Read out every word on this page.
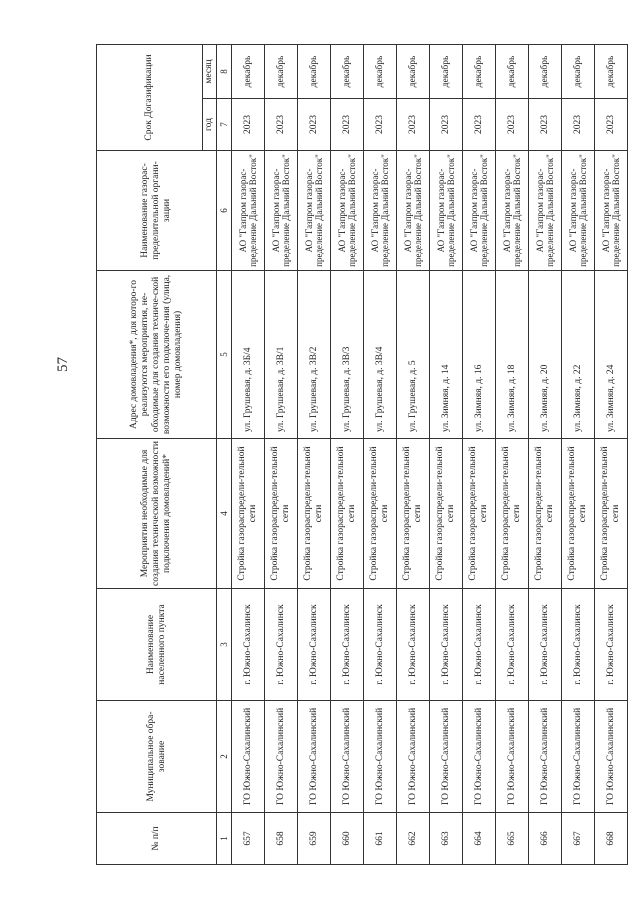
57
№ п/п	Муниципальное обра-зование	Наименование населенного пункта	Мероприятия необходимые для создания технической возможности подключения домовладений*	Адрес домовладения*, для которо-го реализуются мероприятия, не-обходимые для создания техниче-ской возможности его подключе-ния (улица, номер домовладения)	Наименование газорас-пределительной органи-зации	Срок Догазификации	
						год	месяц
1	2	3	4	5	6	7	8
657	ГО Южно-Сахалинский	г. Южно-Сахалинск	Стройка газораспредели-тельной сети	ул. Грушевая, д. 3Б/4	АО "Газпром газорас-пределение Дальний Восток"	2023	декабрь
658	ГО Южно-Сахалинский	г. Южно-Сахалинск	Стройка газораспредели-тельной сети	ул. Грушевая, д. 3В/1	АО "Газпром газорас-пределение Дальний Восток"	2023	декабрь
659	ГО Южно-Сахалинский	г. Южно-Сахалинск	Стройка газораспредели-тельной сети	ул. Грушевая, д. 3В/2	АО "Газпром газорас-пределение Дальний Восток"	2023	декабрь
660	ГО Южно-Сахалинский	г. Южно-Сахалинск	Стройка газораспредели-тельной сети	ул. Грушевая, д. 3В/3	АО "Газпром газорас-пределение Дальний Восток"	2023	декабрь
661	ГО Южно-Сахалинский	г. Южно-Сахалинск	Стройка газораспредели-тельной сети	ул. Грушевая, д. 3В/4	АО "Газпром газорас-пределение Дальний Восток"	2023	декабрь
662	ГО Южно-Сахалинский	г. Южно-Сахалинск	Стройка газораспредели-тельной сети	ул. Грушевая, д. 5	АО "Газпром газорас-пределение Дальний Восток"	2023	декабрь
663	ГО Южно-Сахалинский	г. Южно-Сахалинск	Стройка газораспредели-тельной сети	ул. Зимняя, д. 14	АО "Газпром газорас-пределение Дальний Восток"	2023	декабрь
664	ГО Южно-Сахалинский	г. Южно-Сахалинск	Стройка газораспредели-тельной сети	ул. Зимняя, д. 16	АО "Газпром газорас-пределение Дальний Восток"	2023	декабрь
665	ГО Южно-Сахалинский	г. Южно-Сахалинск	Стройка газораспредели-тельной сети	ул. Зимняя, д. 18	АО "Газпром газорас-пределение Дальний Восток"	2023	декабрь
666	ГО Южно-Сахалинский	г. Южно-Сахалинск	Стройка газораспредели-тельной сети	ул. Зимняя, д. 20	АО "Газпром газорас-пределение Дальний Восток"	2023	декабрь
667	ГО Южно-Сахалинский	г. Южно-Сахалинск	Стройка газораспредели-тельной сети	ул. Зимняя, д. 22	АО "Газпром газорас-пределение Дальний Восток"	2023	декабрь
668	ГО Южно-Сахалинский	г. Южно-Сахалинск	Стройка газораспредели-тельной сети	ул. Зимняя, д. 24	АО "Газпром газорас-пределение Дальний Восток"	2023	декабрь
